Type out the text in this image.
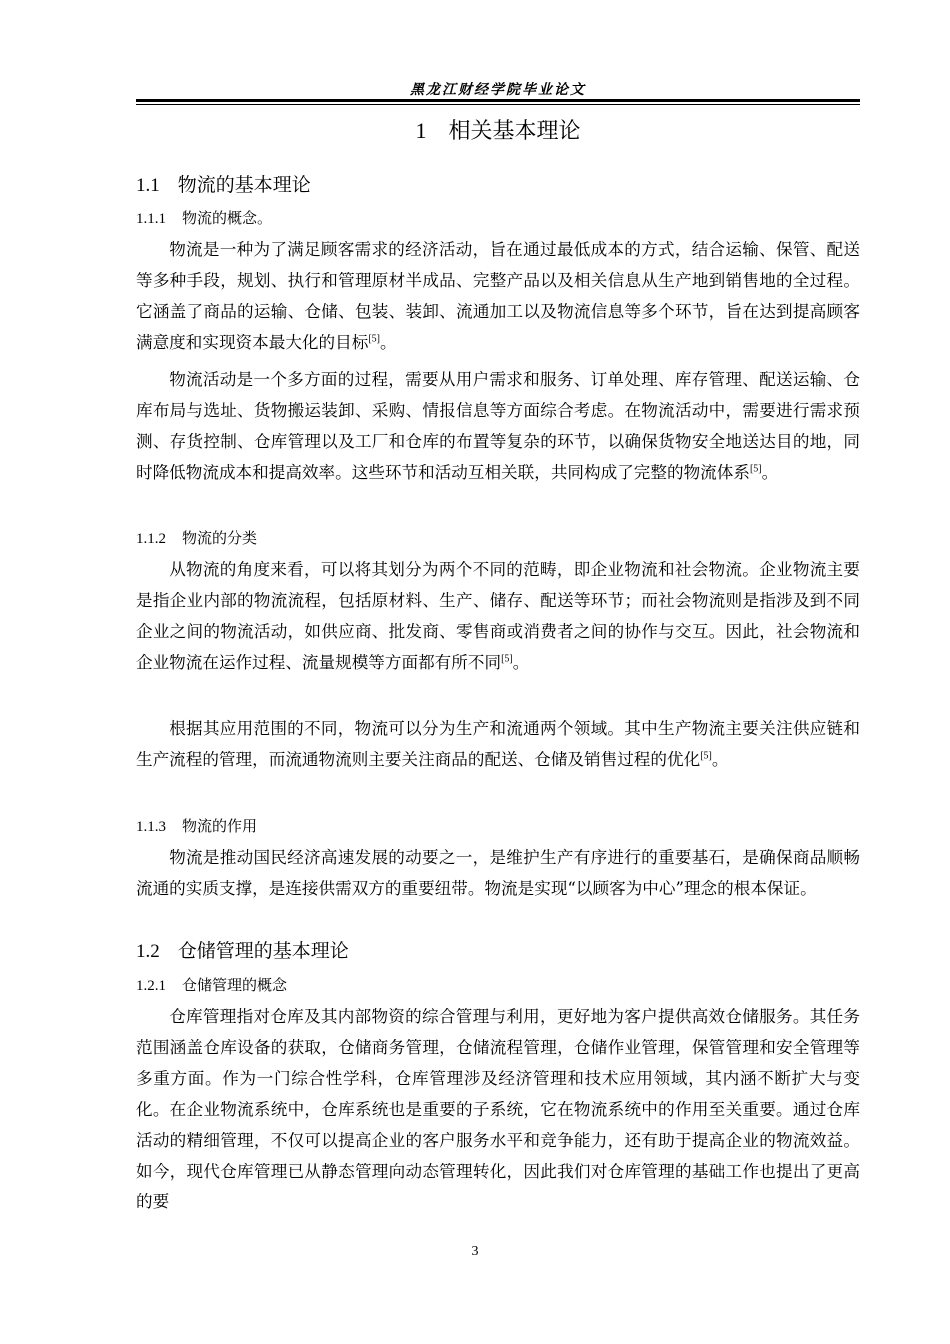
黑龙江财经学院毕业论文
1 相关基本理论
1.1 物流的基本理论
1.1.1 物流的概念。

物流是一种为了满足顾客需求的经济活动，旨在通过最低成本的方式，结合运输、保管、配送等多种手段，规划、执行和管理原材半成品、完整产品以及相关信息从生产地到销售地的全过程。它涵盖了商品的运输、仓储、包装、装卸、流通加工以及物流信息等多个环节，旨在达到提高顾客满意度和实现资本最大化的目标[5]。

物流活动是一个多方面的过程，需要从用户需求和服务、订单处理、库存管理、配送运输、仓库布局与选址、货物搬运装卸、采购、情报信息等方面综合考虑。在物流活动中，需要进行需求预测、存货控制、仓库管理以及工厂和仓库的布置等复杂的环节，以确保货物安全地送达目的地，同时降低物流成本和提高效率。这些环节和活动互相关联，共同构成了完整的物流体系[5]。

1.1.2 物流的分类

从物流的角度来看，可以将其划分为两个不同的范畴，即企业物流和社会物流。企业物流主要是指企业内部的物流流程，包括原材料、生产、储存、配送等环节；而社会物流则是指涉及到不同企业之间的物流活动，如供应商、批发商、零售商或消费者之间的协作与交互。因此，社会物流和企业物流在运作过程、流量规模等方面都有所不同[5]。

根据其应用范围的不同，物流可以分为生产和流通两个领域。其中生产物流主要关注供应链和生产流程的管理，而流通物流则主要关注商品的配送、仓储及销售过程的优化[5]。

1.1.3 物流的作用

物流是推动国民经济高速发展的动要之一，是维护生产有序进行的重要基石，是确保商品顺畅流通的实质支撑，是连接供需双方的重要纽带。物流是实现“以顾客为中心”理念的根本保证。

1.2 仓储管理的基本理论
1.2.1 仓储管理的概念

仓库管理指对仓库及其内部物资的综合管理与利用，更好地为客户提供高效仓储服务。其任务范围涵盖仓库设备的获取，仓储商务管理，仓储流程管理，仓储作业管理，保管管理和安全管理等多重方面。作为一门综合性学科，仓库管理涉及经济管理和技术应用领域，其内涵不断扩大与变化。在企业物流系统中，仓库系统也是重要的子系统，它在物流系统中的作用至关重要。通过仓库活动的精细管理，不仅可以提高企业的客户服务水平和竞争能力，还有助于提高企业的物流效益。如今，现代仓库管理已从静态管理向动态管理转化，因此我们对仓库管理的基础工作也提出了更高的要

3
